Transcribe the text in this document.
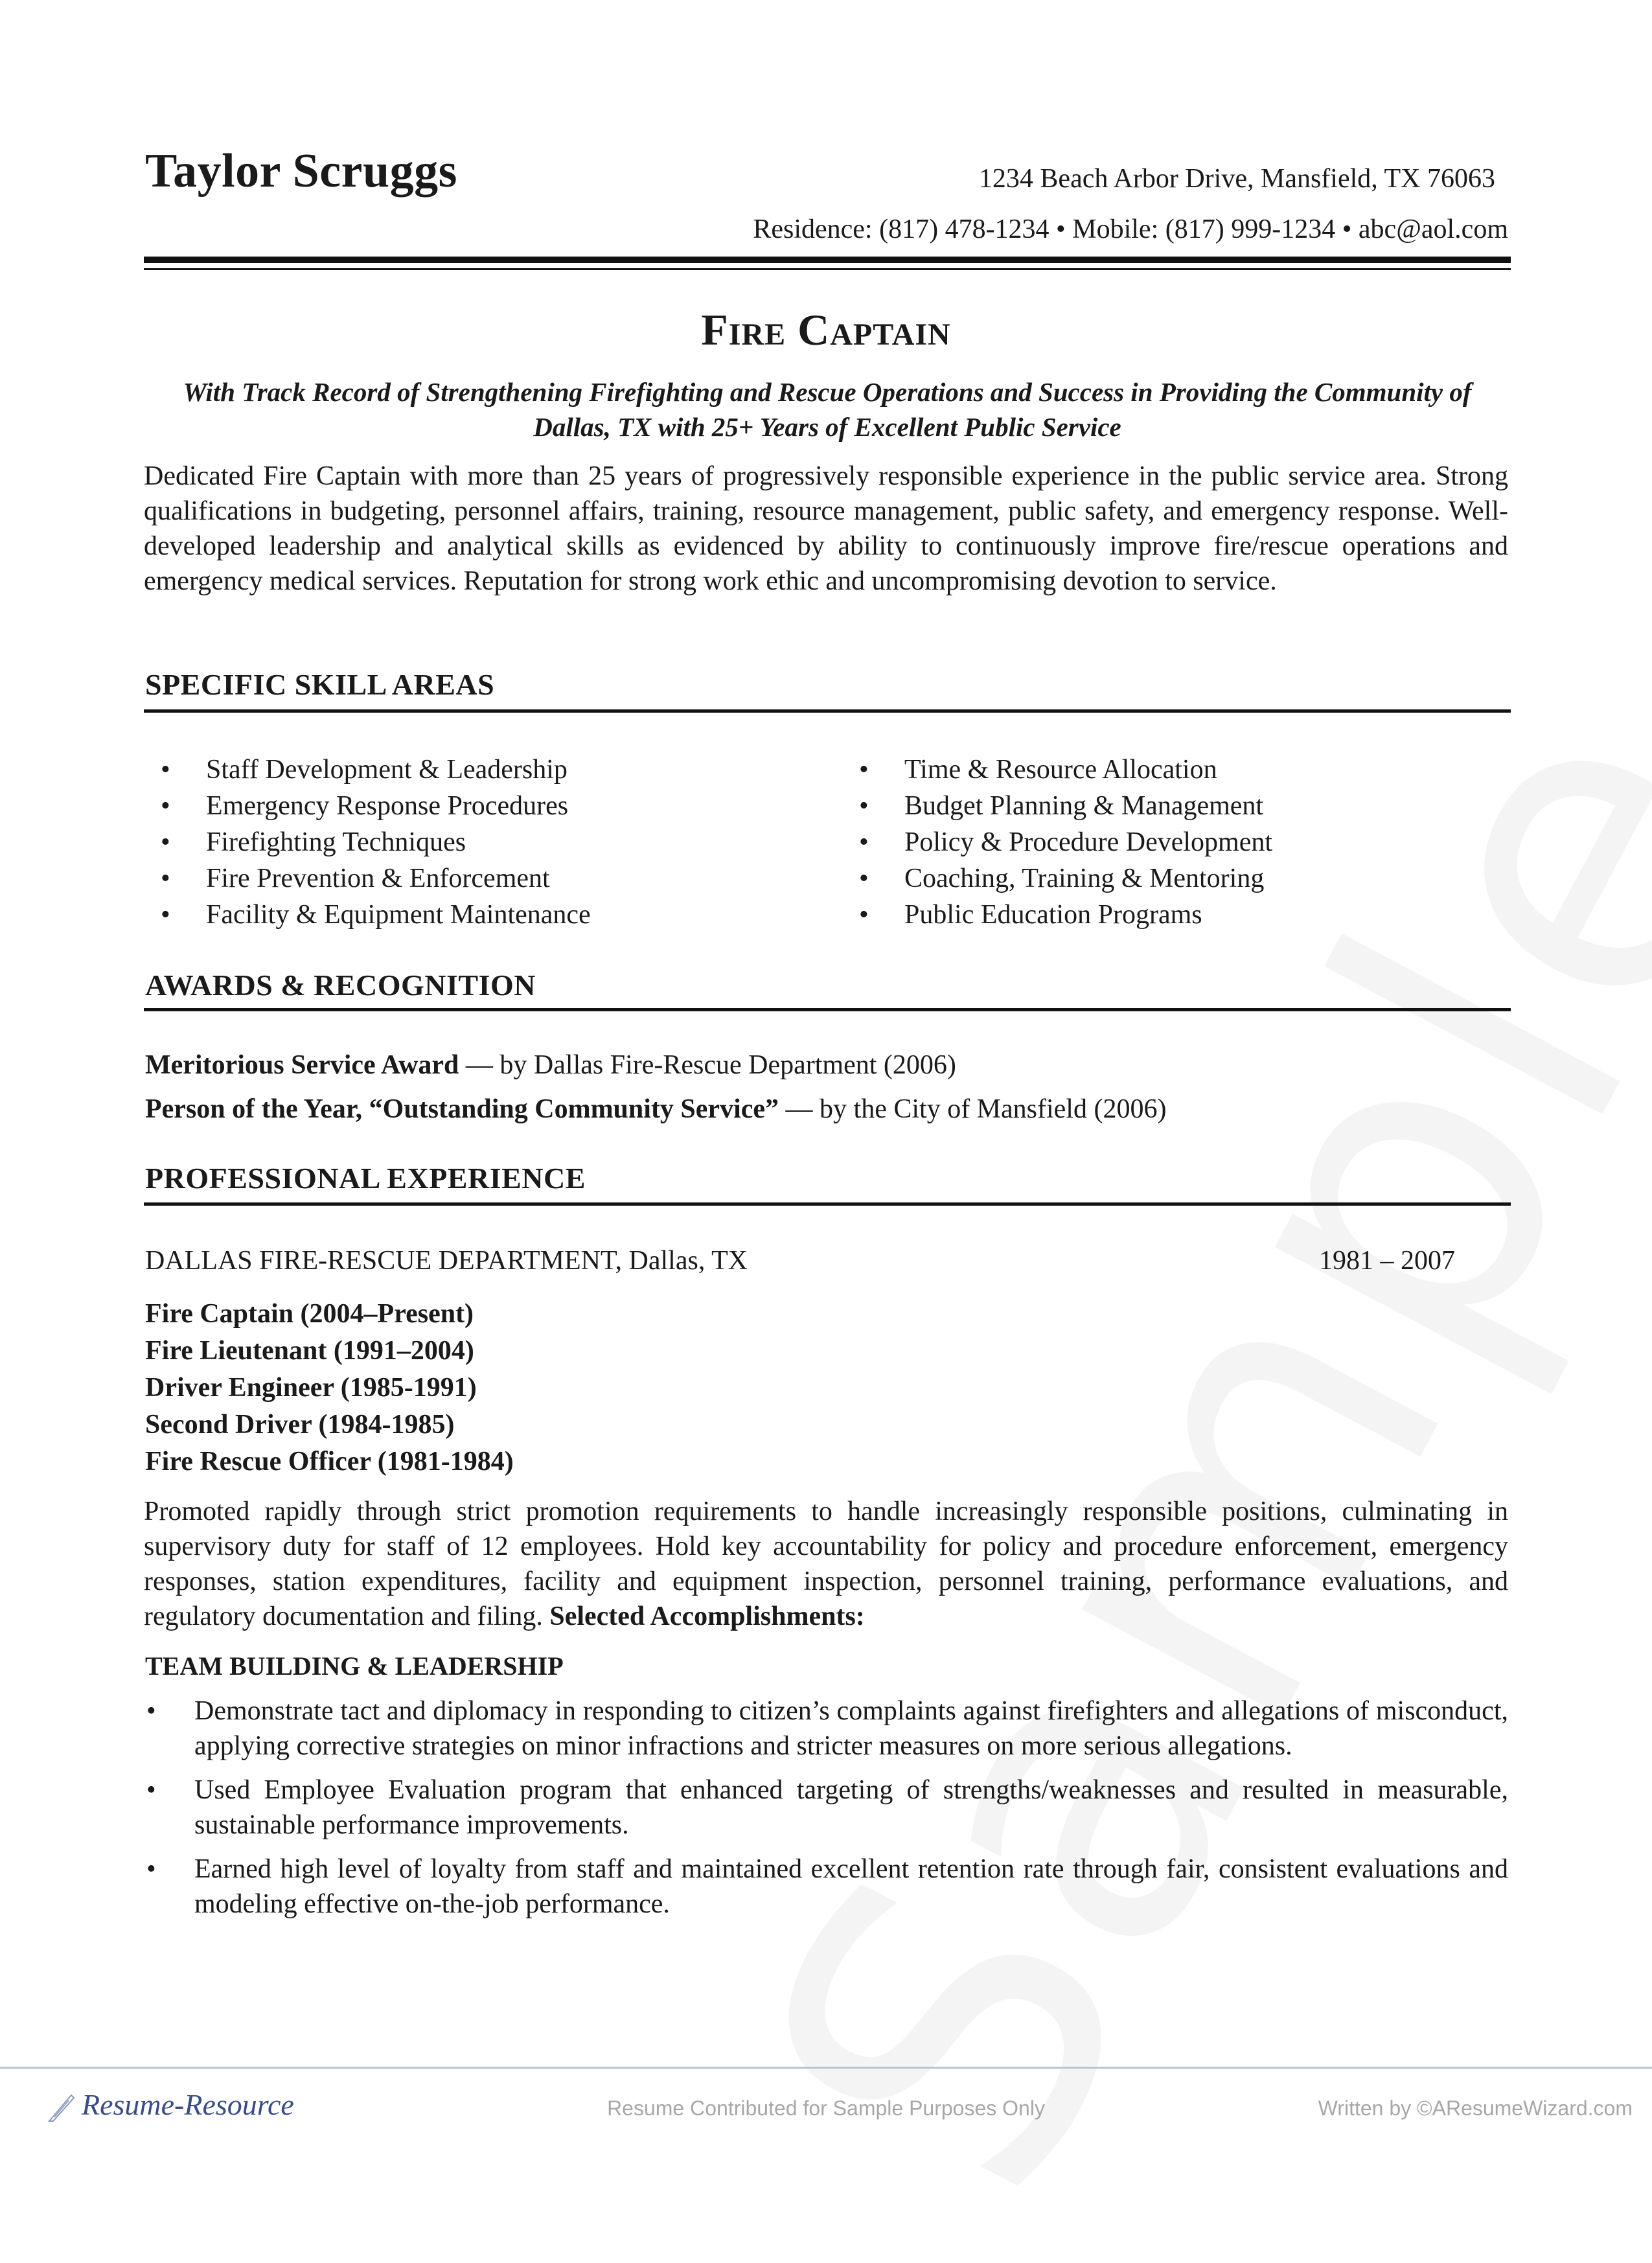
Taylor Scruggs	1234 Beach Arbor Drive, Mansfield, TX 76063
Residence: (817) 478-1234 • Mobile: (817) 999-1234 • abc@aol.com
Fire Captain
With Track Record of Strengthening Firefighting and Rescue Operations and Success in Providing the Community of Dallas, TX with 25+ Years of Excellent Public Service
Dedicated Fire Captain with more than 25 years of progressively responsible experience in the public service area. Strong qualifications in budgeting, personnel affairs, training, resource management, public safety, and emergency response. Well-developed leadership and analytical skills as evidenced by ability to continuously improve fire/rescue operations and emergency medical services. Reputation for strong work ethic and uncompromising devotion to service.
SPECIFIC SKILL AREAS
• Staff Development & Leadership
• Emergency Response Procedures
• Firefighting Techniques
• Fire Prevention & Enforcement
• Facility & Equipment Maintenance
• Time & Resource Allocation
• Budget Planning & Management
• Policy & Procedure Development
• Coaching, Training & Mentoring
• Public Education Programs
AWARDS & RECOGNITION
Meritorious Service Award — by Dallas Fire-Rescue Department (2006)
Person of the Year, “Outstanding Community Service” — by the City of Mansfield (2006)
PROFESSIONAL EXPERIENCE
DALLAS FIRE-RESCUE DEPARTMENT, Dallas, TX	1981 – 2007
Fire Captain (2004–Present)
Fire Lieutenant (1991–2004)
Driver Engineer (1985-1991)
Second Driver (1984-1985)
Fire Rescue Officer (1981-1984)
Promoted rapidly through strict promotion requirements to handle increasingly responsible positions, culminating in supervisory duty for staff of 12 employees. Hold key accountability for policy and procedure enforcement, emergency responses, station expenditures, facility and equipment inspection, personnel training, performance evaluations, and regulatory documentation and filing. Selected Accomplishments:
TEAM BUILDING & LEADERSHIP
• Demonstrate tact and diplomacy in responding to citizen’s complaints against firefighters and allegations of misconduct, applying corrective strategies on minor infractions and stricter measures on more serious allegations.
• Used Employee Evaluation program that enhanced targeting of strengths/weaknesses and resulted in measurable, sustainable performance improvements.
• Earned high level of loyalty from staff and maintained excellent retention rate through fair, consistent evaluations and modeling effective on-the-job performance.
Resume-Resource	Resume Contributed for Sample Purposes Only	Written by ©AResumeWizard.com
